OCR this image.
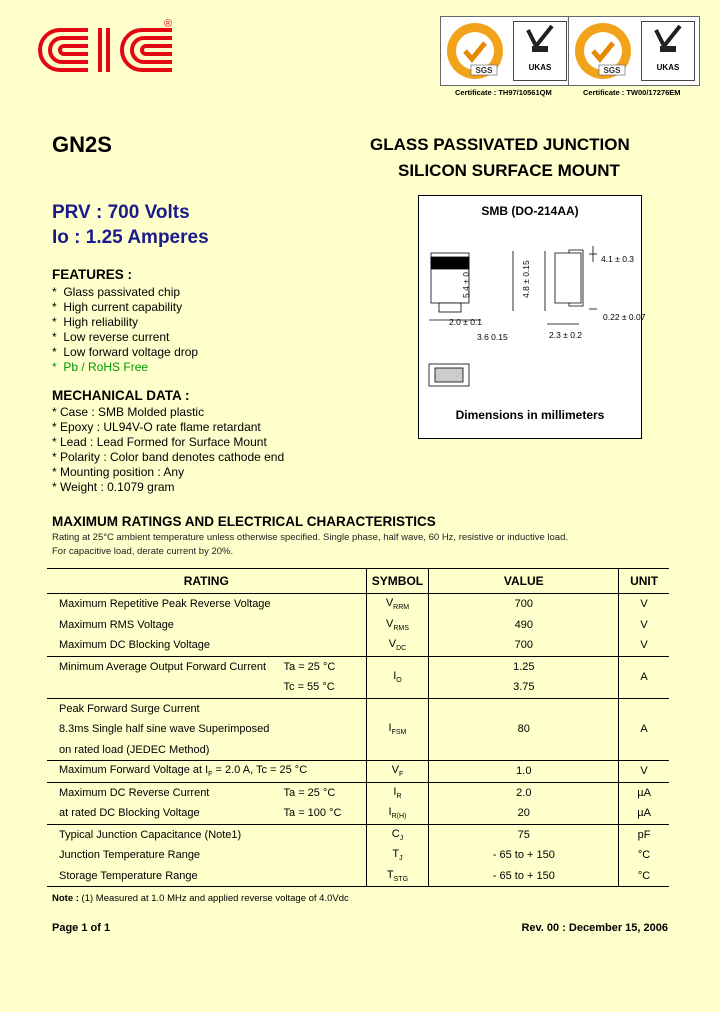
®
SGS	UKAS	SGS	UKAS
Certificate : TH97/10561QM	Certificate : TW00/17276EM
GN2S	GLASS PASSIVATED JUNCTION
SILICON SURFACE MOUNT
PRV : 700 Volts
Io : 1.25 Amperes
FEATURES :
*  Glass passivated chip
*  High current capability
*  High reliability
*  Low reverse current
*  Low forward voltage drop
*  Pb / RoHS Free
MECHANICAL DATA :
* Case : SMB Molded plastic
* Epoxy : UL94V-O rate flame retardant
* Lead : Lead Formed for Surface Mount
* Polarity : Color band denotes cathode end
* Mounting position : Any
* Weight : 0.1079 gram
SMB (DO-214AA)
4.1 ± 0.3
0.22 ± 0.07
2.0 ± 0.1
3.6 0.15	2.3 ± 0.2
5.4 ± 0.15	4.8 ± 0.15
Dimensions in millimeters
MAXIMUM RATINGS AND ELECTRICAL CHARACTERISTICS
Rating at 25°C ambient temperature unless otherwise specified. Single phase, half wave, 60 Hz, resistive or inductive load.
For capacitive load, derate current by 20%.
RATING	SYMBOL	VALUE	UNIT
Maximum Repetitive Peak Reverse Voltage	$V_{RRM}$	700	V
Maximum RMS Voltage	$V_{RMS}$	490	V
Maximum DC Blocking Voltage	$V_{DC}$	700	V

Minimum Average Output Forward Current Ta = 25 °C	$I_O$	1.25	A

Tc = 55 °C		3.75	
Peak Forward Surge Current	$I_{FSM}$	80	A
8.3ms Single half sine wave Superimposed			
on rated load (JEDEC Method)			
Maximum Forward Voltage at $I_F = 2.0$ A, Tc = 25 °C	$V_F$	1.0	V

Maximum DC Reverse Current Ta = 25 °C	$I_R$	2.0	µA

at rated DC Blocking Voltage Ta = 100 °C	$I_{R(H)}$	20	µA
Typical Junction Capacitance (Note1)	$C_J$	75	pF
Junction Temperature Range	$T_J$	- 65 to + 150	°C
Storage Temperature Range	$T_{STG}$	- 65 to + 150	°C
Note : (1) Measured at 1.0 MHz and applied reverse voltage of 4.0Vdc
Page 1 of 1	Rev. 00 : December 15, 2006
